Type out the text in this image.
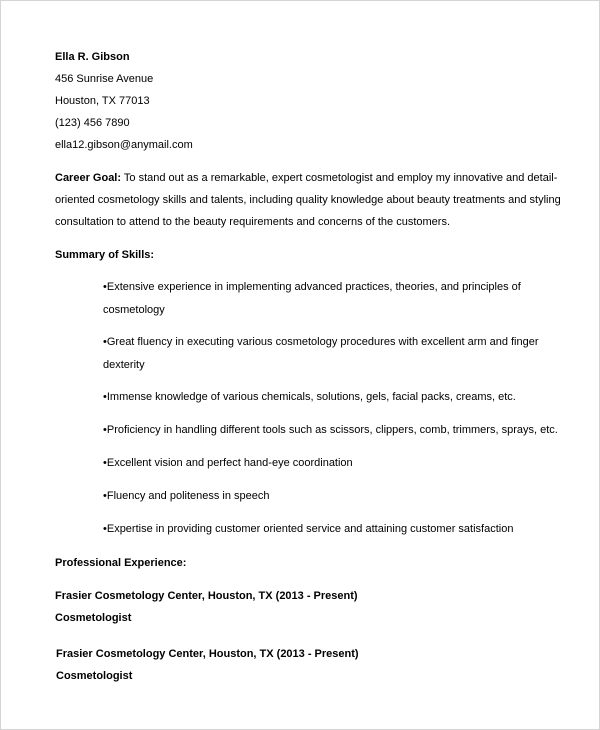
Ella R. Gibson
456 Sunrise Avenue
Houston, TX 77013
(123) 456 7890
ella12.gibson@anymail.com
Career Goal: To stand out as a remarkable, expert cosmetologist and employ my innovative and detail-
oriented cosmetology skills and talents, including quality knowledge about beauty treatments and styling
consultation to attend to the beauty requirements and concerns of the customers.
Summary of Skills:
•Extensive experience in implementing advanced practices, theories, and principles of
cosmetology
•Great fluency in executing various cosmetology procedures with excellent arm and finger
dexterity
•Immense knowledge of various chemicals, solutions, gels, facial packs, creams, etc.
•Proficiency in handling different tools such as scissors, clippers, comb, trimmers, sprays, etc.
•Excellent vision and perfect hand-eye coordination
•Fluency and politeness in speech
•Expertise in providing customer oriented service and attaining customer satisfaction
Professional Experience:
Frasier Cosmetology Center, Houston, TX (2013 - Present)
Cosmetologist
Frasier Cosmetology Center, Houston, TX (2013 - Present)
Cosmetologist
